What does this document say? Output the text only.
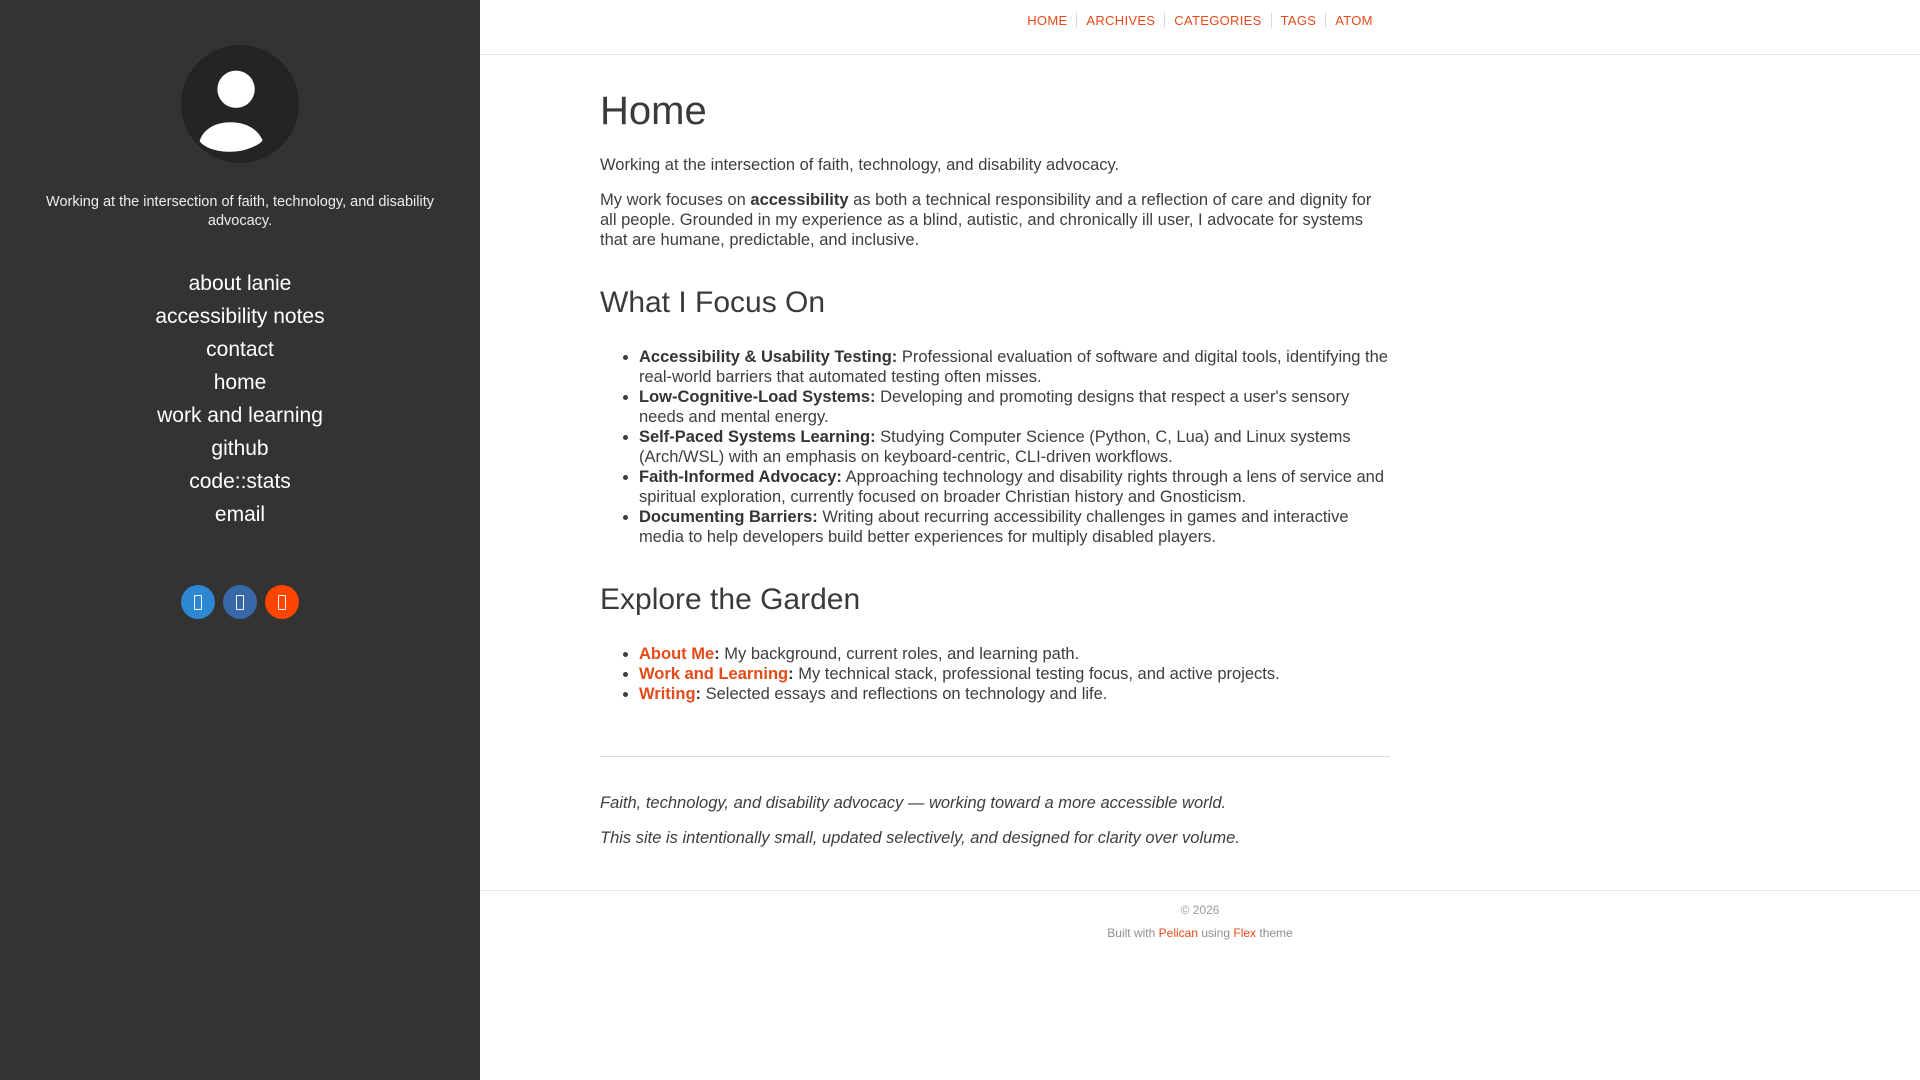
Working at the intersection of faith, technology, and disability advocacy.

about lanie
accessibility notes
contact
home
work and learning
github
code::stats
email
HOME ARCHIVES CATEGORIES TAGS ATOM
Home

Working at the intersection of faith, technology, and disability advocacy.

My work focuses on accessibility as both a technical responsibility and a reflection of care and dignity for all people. Grounded in my experience as a blind, autistic, and chronically ill user, I advocate for systems that are humane, predictable, and inclusive.

What I Focus On
• Accessibility & Usability Testing: Professional evaluation of software and digital tools, identifying the real-world barriers that automated testing often misses.
• Low-Cognitive-Load Systems: Developing and promoting designs that respect a user's sensory needs and mental energy.
• Self-Paced Systems Learning: Studying Computer Science (Python, C, Lua) and Linux systems (Arch/WSL) with an emphasis on keyboard-centric, CLI-driven workflows.
• Faith-Informed Advocacy: Approaching technology and disability rights through a lens of service and spiritual exploration, currently focused on broader Christian history and Gnosticism.
• Documenting Barriers: Writing about recurring accessibility challenges in games and interactive media to help developers build better experiences for multiply disabled players.
Explore the Garden
• About Me: My background, current roles, and learning path.
• Work and Learning: My technical stack, professional testing focus, and active projects.
• Writing: Selected essays and reflections on technology and life.

Faith, technology, and disability advocacy — working toward a more accessible world.

This site is intentionally small, updated selectively, and designed for clarity over volume.

© 2026
Built with Pelican using Flex theme
